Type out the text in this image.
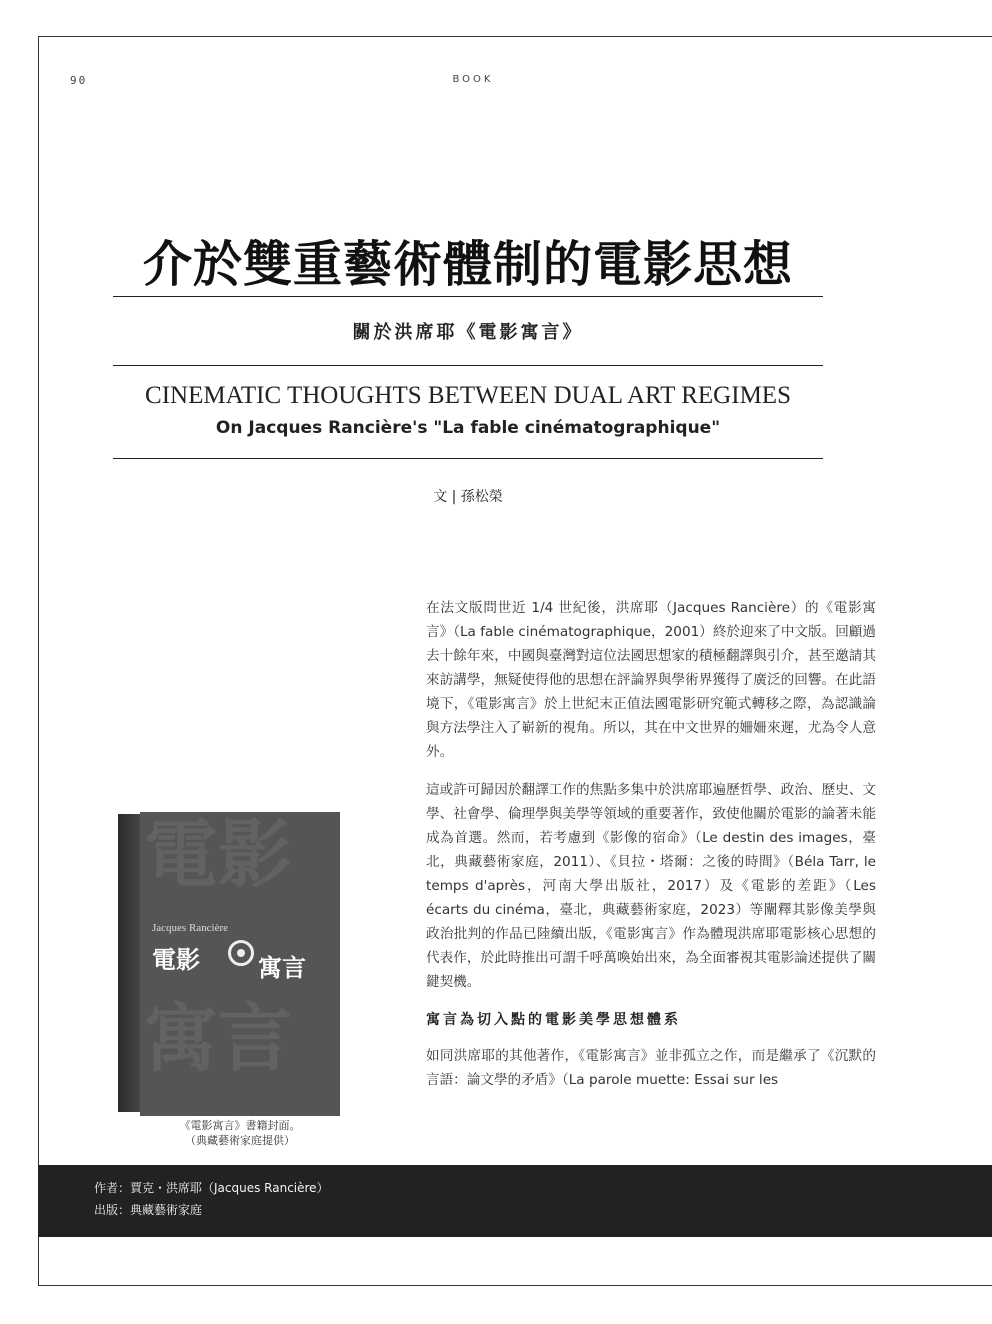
90	BOOK
介於雙重藝術體制的電影思想
關於洪席耶《電影寓言》
CINEMATIC THOUGHTS BETWEEN DUAL ART REGIMES
On Jacques Rancière's "La fable cinématographique"
文 | 孫松榮

在法文版問世近 1/4 世紀後，洪席耶（Jacques Rancière）的《電影寓言》（La fable cinématographique，2001）終於迎來了中文版。回顧過去十餘年來，中國與臺灣對這位法國思想家的積極翻譯與引介，甚至邀請其來訪講學，無疑使得他的思想在評論界與學術界獲得了廣泛的回響。在此語境下，《電影寓言》於上世紀末正值法國電影研究範式轉移之際，為認識論與方法學注入了嶄新的視角。所以，其在中文世界的姍姍來遲，尤為令人意外。

這或許可歸因於翻譯工作的焦點多集中於洪席耶遍歷哲學、政治、歷史、文學、社會學、倫理學與美學等領域的重要著作，致使他關於電影的論著未能成為首選。然而，若考慮到《影像的宿命》（Le destin des images，臺北，典藏藝術家庭，2011）、《貝拉・塔爾：之後的時間》（Béla Tarr, le temps d'après，河南大學出版社，2017）及《電影的差距》（Les écarts du cinéma，臺北，典藏藝術家庭，2023）等闡釋其影像美學與政治批判的作品已陸續出版，《電影寓言》作為體現洪席耶電影核心思想的代表作，於此時推出可謂千呼萬喚始出來，為全面審視其電影論述提供了關鍵契機。

寓言為切入點的電影美學思想體系

如同洪席耶的其他著作，《電影寓言》並非孤立之作，而是繼承了《沉默的言語：論文學的矛盾》（La parole muette: Essai sur les

電影
寓言
Jacques Rancière
電影 寓言
《電影寓言》書籍封面。
（典藏藝術家庭提供）
作者：賈克・洪席耶（Jacques Rancière）
出版：典藏藝術家庭
